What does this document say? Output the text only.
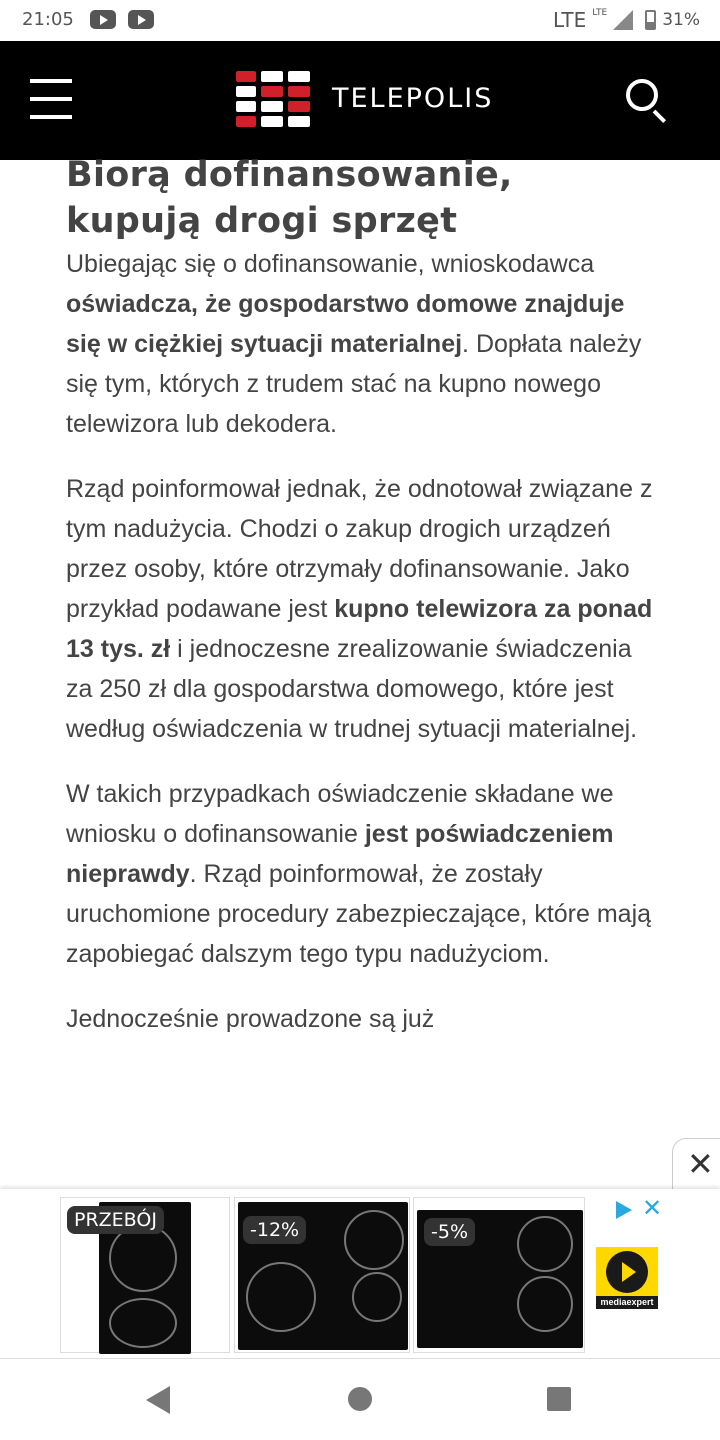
21:05	LTE LTE	31%
TELEPOLIS
Biorą dofinansowanie, kupują drogi sprzęt

Ubiegając się o dofinansowanie, wnioskodawca oświadcza, że gospodarstwo domowe znajduje się w ciężkiej sytuacji materialnej. Dopłata należy się tym, których z trudem stać na kupno nowego telewizora lub dekodera.

Rząd poinformował jednak, że odnotował związane z tym nadużycia. Chodzi o zakup drogich urządzeń przez osoby, które otrzymały dofinansowanie. Jako przykład podawane jest kupno telewizora za ponad 13 tys. zł i jednoczesne zrealizowanie świadczenia za 250 zł dla gospodarstwa domowego, które jest według oświadczenia w trudnej sytuacji materialnej.

W takich przypadkach oświadczenie składane we wniosku o dofinansowanie jest poświadczeniem nieprawdy. Rząd poinformował, że zostały uruchomione procedury zabezpieczające, które mają zapobiegać dalszym tego typu nadużyciom.

Jednocześnie prowadzone są już

✕
PRZEBÓJ	-12%	-5%
✕
mediaexpert
